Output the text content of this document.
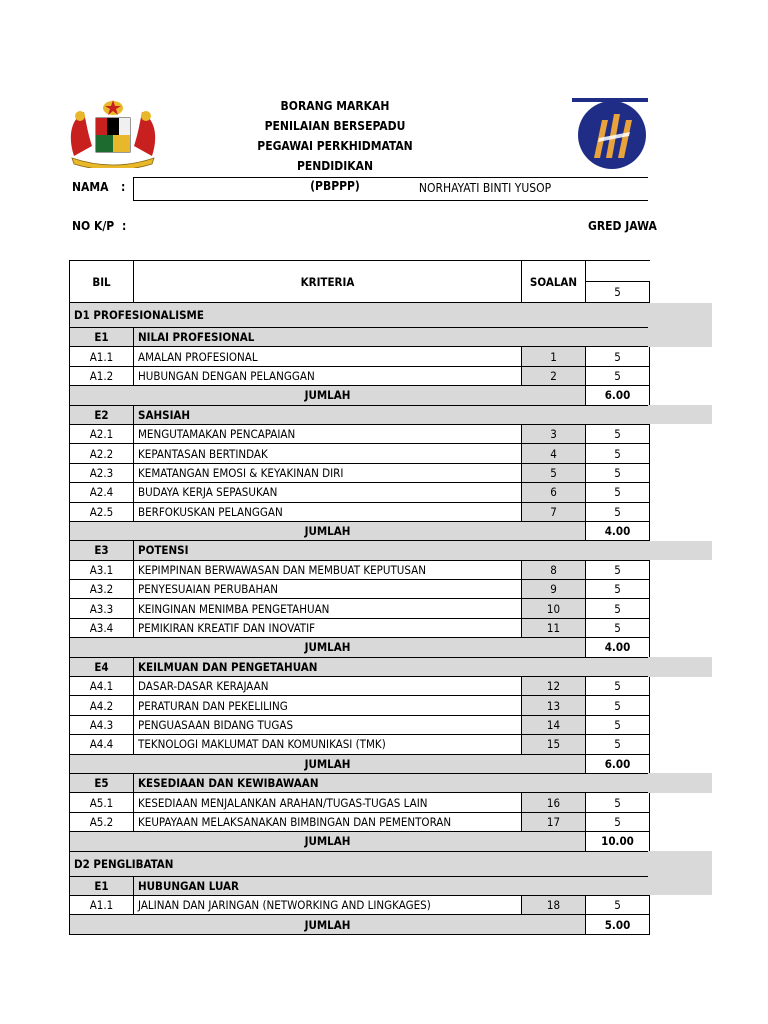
BORANG MARKAH
PENILAIAN BERSEPADU
PEGAWAI PERKHIDMATAN PENDIDIKAN
(PBPPP)
NAMA :	NORHAYATI BINTI YUSOP
NO K/P :	GRED JAWA
BIL	KRITERIA	SOALAN	
			5
D1 PROFESIONALISME			
E1	NILAI PROFESIONAL		
A1.1	AMALAN PROFESIONAL	1	5
A1.2	HUBUNGAN DENGAN PELANGGAN	2	5
JUMLAH			6.00
E2	SAHSIAH		
A2.1	MENGUTAMAKAN PENCAPAIAN	3	5
A2.2	KEPANTASAN BERTINDAK	4	5
A2.3	KEMATANGAN EMOSI & KEYAKINAN DIRI	5	5
A2.4	BUDAYA KERJA SEPASUKAN	6	5
A2.5	BERFOKUSKAN PELANGGAN	7	5
JUMLAH			4.00
E3	POTENSI		
A3.1	KEPIMPINAN BERWAWASAN DAN MEMBUAT KEPUTUSAN	8	5
A3.2	PENYESUAIAN PERUBAHAN	9	5
A3.3	KEINGINAN MENIMBA PENGETAHUAN	10	5
A3.4	PEMIKIRAN KREATIF DAN INOVATIF	11	5
JUMLAH			4.00
E4	KEILMUAN DAN PENGETAHUAN		
A4.1	DASAR-DASAR KERAJAAN	12	5
A4.2	PERATURAN DAN PEKELILING	13	5
A4.3	PENGUASAAN BIDANG TUGAS	14	5
A4.4	TEKNOLOGI MAKLUMAT DAN KOMUNIKASI (TMK)	15	5
JUMLAH			6.00
E5	KESEDIAAN DAN KEWIBAWAAN		
A5.1	KESEDIAAN MENJALANKAN ARAHAN/TUGAS-TUGAS LAIN	16	5
A5.2	KEUPAYAAN MELAKSANAKAN BIMBINGAN DAN PEMENTORAN	17	5
JUMLAH			10.00
D2 PENGLIBATAN			
E1	HUBUNGAN LUAR		
A1.1	JALINAN DAN JARINGAN (NETWORKING AND LINGKAGES)	18	5
JUMLAH			5.00
